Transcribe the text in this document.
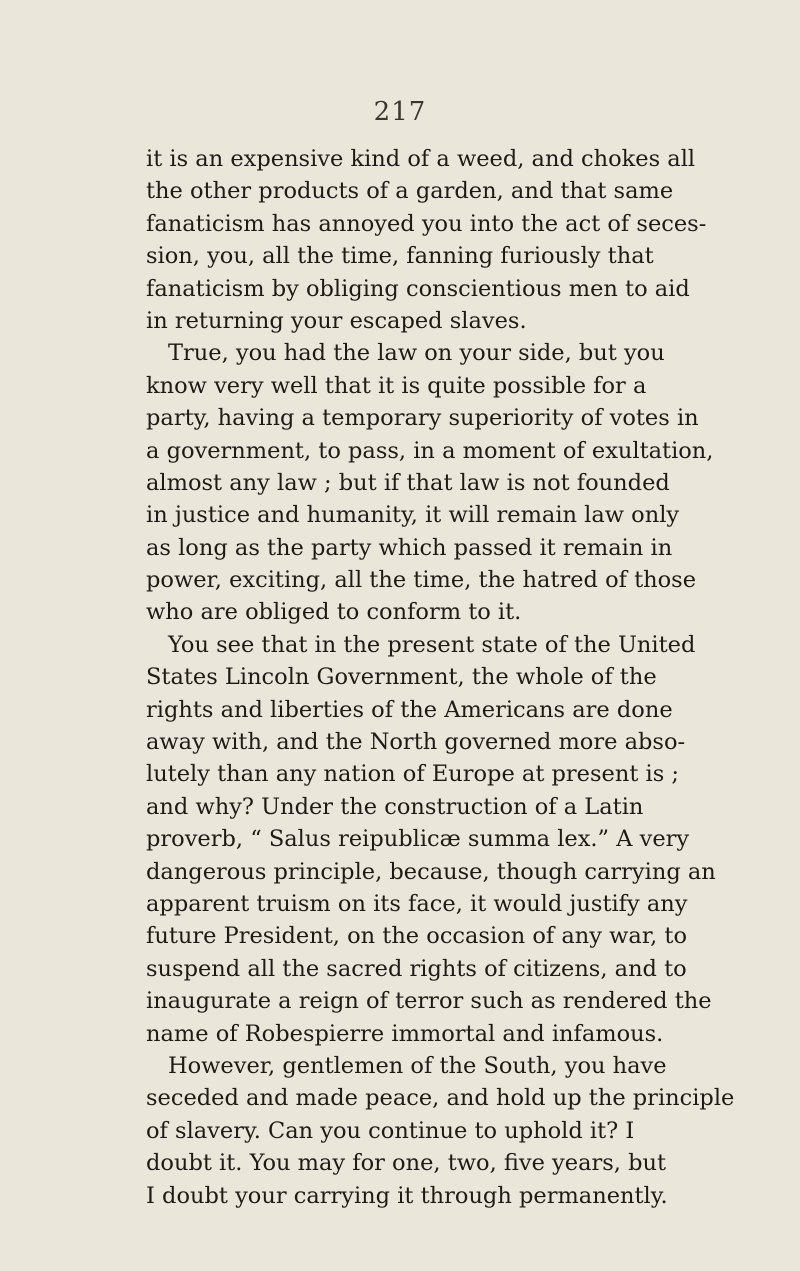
217
it is an expensive kind of a weed, and chokes all
the other products of a garden, and that same
fanaticism has annoyed you into the act of seces-
sion, you, all the time, fanning furiously that
fanaticism by obliging conscientious men to aid
in returning your escaped slaves.
True, you had the law on your side, but you
know very well that it is quite possible for a
party, having a temporary superiority of votes in
a government, to pass, in a moment of exultation,
almost any law ; but if that law is not founded
in justice and humanity, it will remain law only
as long as the party which passed it remain in
power, exciting, all the time, the hatred of those
who are obliged to conform to it.
You see that in the present state of the United
States Lincoln Government, the whole of the
rights and liberties of the Americans are done
away with, and the North governed more abso-
lutely than any nation of Europe at present is ;
and why? Under the construction of a Latin
proverb, “ Salus reipublicæ summa lex.” A very
dangerous principle, because, though carrying an
apparent truism on its face, it would justify any
future President, on the occasion of any war, to
suspend all the sacred rights of citizens, and to
inaugurate a reign of terror such as rendered the
name of Robespierre immortal and infamous.
However, gentlemen of the South, you have
seceded and made peace, and hold up the principle
of slavery. Can you continue to uphold it? I
doubt it. You may for one, two, five years, but
I doubt your carrying it through permanently.
